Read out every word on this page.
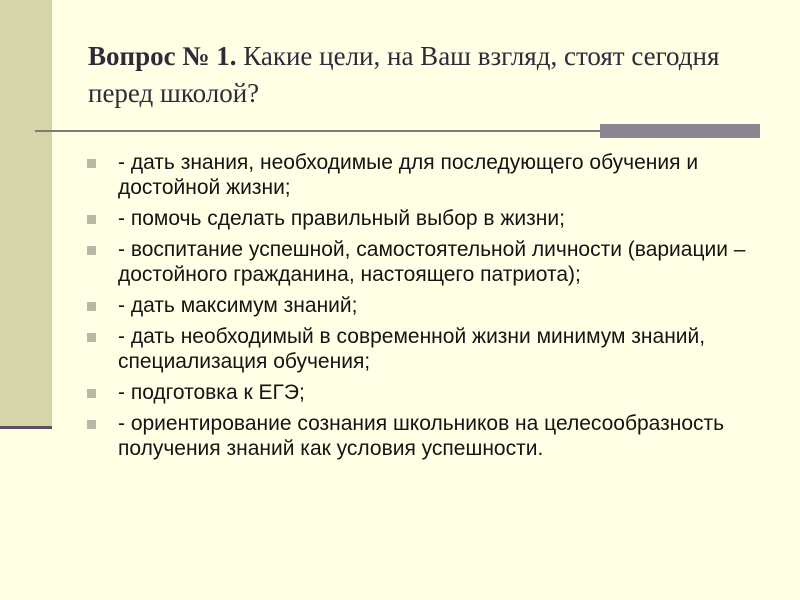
Вопрос № 1. Какие цели, на Ваш взгляд, стоят сегодня перед школой?
- дать знания, необходимые для последующего обучения и достойной жизни;
- помочь сделать правильный выбор в жизни;
- воспитание успешной, самостоятельной личности (вариации – достойного гражданина, настоящего патриота);
- дать максимум знаний;
- дать необходимый в современной жизни минимум знаний, специализация обучения;
- подготовка к ЕГЭ;
- ориентирование сознания школьников на целесообразность получения знаний как условия успешности.
